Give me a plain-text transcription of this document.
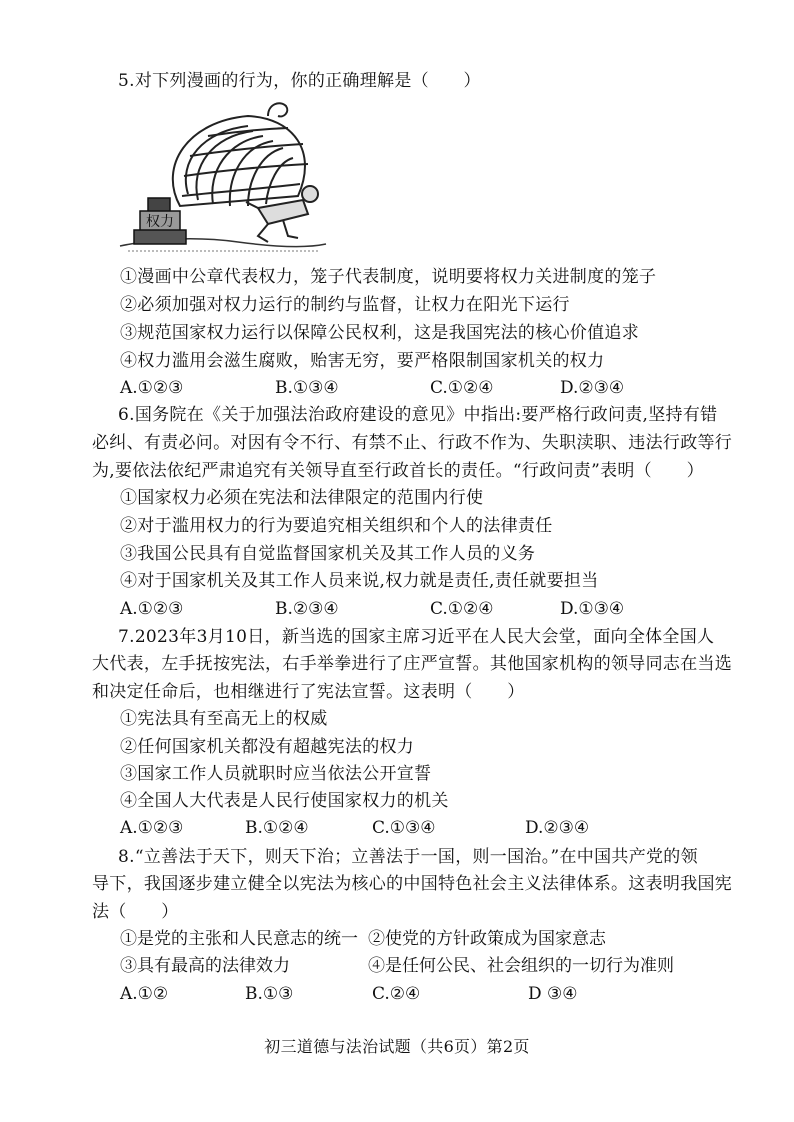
5.对下列漫画的行为，你的正确理解是（　　）
权力
①漫画中公章代表权力，笼子代表制度，说明要将权力关进制度的笼子
②必须加强对权力运行的制约与监督，让权力在阳光下运行
③规范国家权力运行以保障公民权利，这是我国宪法的核心价值追求
④权力滥用会滋生腐败，贻害无穷，要严格限制国家机关的权力
A.①②③	B.①③④	C.①②④	D.②③④
6.国务院在《关于加强法治政府建设的意见》中指出:要严格行政问责,坚持有错
必纠、有责必问。对因有令不行、有禁不止、行政不作为、失职渎职、违法行政等行
为,要依法依纪严肃追究有关领导直至行政首长的责任。“行政问责”表明（　　）
①国家权力必须在宪法和法律限定的范围内行使
②对于滥用权力的行为要追究相关组织和个人的法律责任
③我国公民具有自觉监督国家机关及其工作人员的义务
④对于国家机关及其工作人员来说,权力就是责任,责任就要担当
A.①②③	B.②③④	C.①②④	D.①③④
7.2023年3月10日，新当选的国家主席习近平在人民大会堂，面向全体全国人
大代表，左手抚按宪法，右手举拳进行了庄严宣誓。其他国家机构的领导同志在当选
和决定任命后，也相继进行了宪法宣誓。这表明（　　）
①宪法具有至高无上的权威
②任何国家机关都没有超越宪法的权力
③国家工作人员就职时应当依法公开宣誓
④全国人大代表是人民行使国家权力的机关
A.①②③	B.①②④	C.①③④	D.②③④
8.“立善法于天下，则天下治；立善法于一国，则一国治。”在中国共产党的领
导下，我国逐步建立健全以宪法为核心的中国特色社会主义法律体系。这表明我国宪
法（　　）
①是党的主张和人民意志的统一 ②使党的方针政策成为国家意志
③具有最高的法律效力	④是任何公民、社会组织的一切行为准则
A.①②	B.①③	C.②④	D ③④
初三道德与法治试题（共6页）第2页
